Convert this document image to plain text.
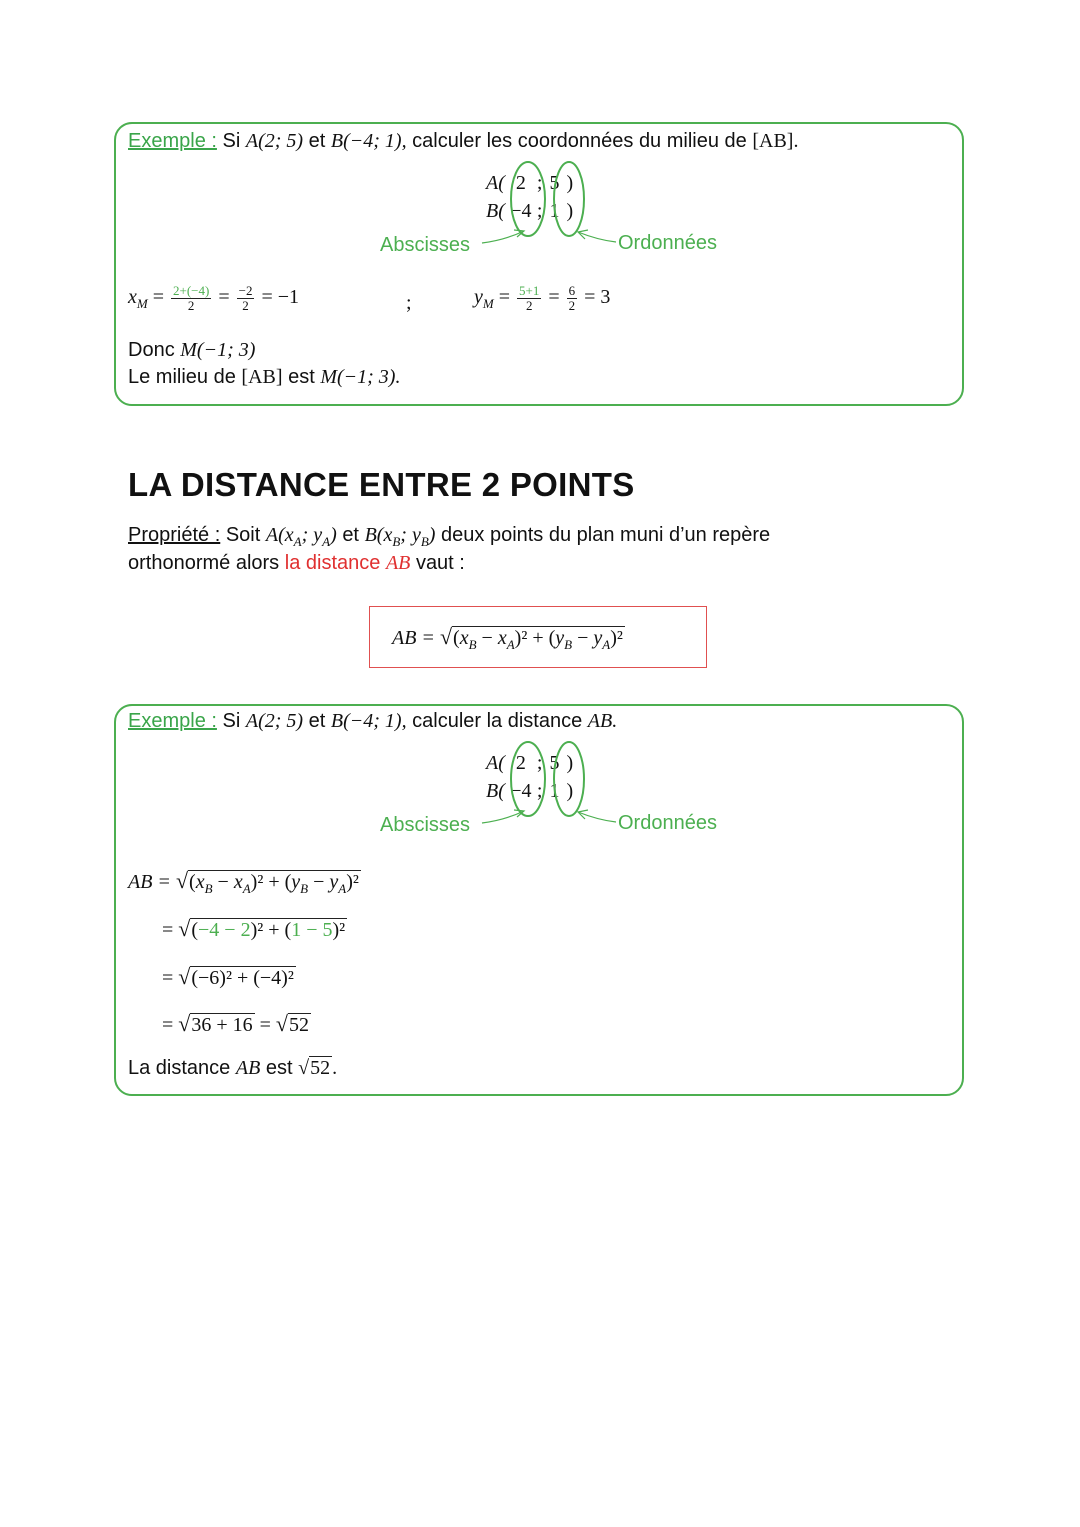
Exemple : Si A(2; 5) et B(−4; 1), calculer les coordonnées du milieu de [AB].
A( 2 ; 5 )
B( −4 ; 1 )
Abscisses	Ordonnées
$x_M = \frac{2+(-4)}{2} = \frac{-2}{2} = -1$	;	$y_M = \frac{5+1}{2} = \frac{6}{2} = 3$
Donc M(−1; 3)
Le milieu de [AB] est M(−1; 3).
LA DISTANCE ENTRE 2 POINTS
Propriété : Soit $A(x_A$; $y_A$) et $B(x_B$; $y_B$) deux points du plan muni d’un repère
orthonormé alors la distance AB vaut :
AB = $√(x_B - x_A)^2 + (y_B - y_A)^2$
Exemple : Si A(2; 5) et B(−4; 1), calculer la distance AB.
A( 2 ; 5 )
B( −4 ; 1 )
Abscisses	Ordonnées
AB = $√(x_B - x_A)^2 + (y_B - y_A)^2$
= √(−4 − 2)² + (1 − 5)²
= √(−6)² + (−4)²
= √36 + 16 = √52
La distance AB est √52 .
